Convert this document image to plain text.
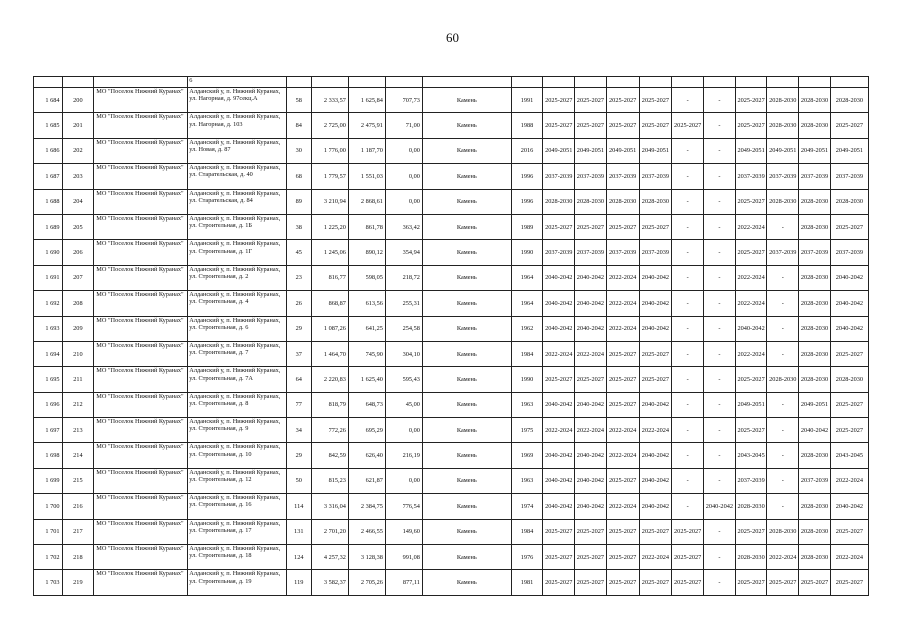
60
			6																
1 684	200	МО "Поселок Нижний Куранах"	Алданский у, п. Нижний Куранах, ул. Нагорная, д. 97секц.А	58	2 333,57	1 625,84	707,73	Камень	1991	2025-2027	2025-2027	2025-2027	2025-2027	-	-	2025-2027	2028-2030	2028-2030	2028-2030
1 685	201	МО "Поселок Нижний Куранах"	Алданский у, п. Нижний Куранах, ул. Нагорная, д. 103	84	2 725,00	2 475,91	71,00	Камень	1988	2025-2027	2025-2027	2025-2027	2025-2027	2025-2027	-	2025-2027	2028-2030	2028-2030	2025-2027
1 686	202	МО "Поселок Нижний Куранах"	Алданский у, п. Нижний Куранах, ул. Новая, д. 87	30	1 776,00	1 187,70	0,00	Камень	2016	2049-2051	2049-2051	2049-2051	2049-2051	-	-	2049-2051	2049-2051	2049-2051	2049-2051
1 687	203	МО "Поселок Нижний Куранах"	Алданский у, п. Нижний Куранах, ул. Старательская, д. 40	68	1 779,57	1 551,03	0,00	Камень	1996	2037-2039	2037-2039	2037-2039	2037-2039	-	-	2037-2039	2037-2039	2037-2039	2037-2039
1 688	204	МО "Поселок Нижний Куранах"	Алданский у, п. Нижний Куранах, ул. Старательская, д. 84	89	3 210,94	2 868,61	0,00	Камень	1996	2028-2030	2028-2030	2028-2030	2028-2030	-	-	2025-2027	2028-2030	2028-2030	2028-2030
1 689	205	МО "Поселок Нижний Куранах"	Алданский у, п. Нижний Куранах, ул. Строительная, д. 1Б	38	1 225,20	861,78	363,42	Камень	1989	2025-2027	2025-2027	2025-2027	2025-2027	-	-	2022-2024	-	2028-2030	2025-2027
1 690	206	МО "Поселок Нижний Куранах"	Алданский у, п. Нижний Куранах, ул. Строительная, д. 1Г	45	1 245,06	890,12	354,94	Камень	1990	2037-2039	2037-2039	2037-2039	2037-2039	-	-	2025-2027	2037-2039	2037-2039	2037-2039
1 691	207	МО "Поселок Нижний Куранах"	Алданский у, п. Нижний Куранах, ул. Строительная, д. 2	23	816,77	598,05	218,72	Камень	1964	2040-2042	2040-2042	2022-2024	2040-2042	-	-	2022-2024	-	2028-2030	2040-2042
1 692	208	МО "Поселок Нижний Куранах"	Алданский у, п. Нижний Куранах, ул. Строительная, д. 4	26	868,87	613,56	255,31	Камень	1964	2040-2042	2040-2042	2022-2024	2040-2042	-	-	2022-2024	-	2028-2030	2040-2042
1 693	209	МО "Поселок Нижний Куранах"	Алданский у, п. Нижний Куранах, ул. Строительная, д. 6	29	1 087,26	641,25	254,58	Камень	1962	2040-2042	2040-2042	2022-2024	2040-2042	-	-	2040-2042	-	2028-2030	2040-2042
1 694	210	МО "Поселок Нижний Куранах"	Алданский у, п. Нижний Куранах, ул. Строительная, д. 7	37	1 464,70	745,90	304,10	Камень	1984	2022-2024	2022-2024	2025-2027	2025-2027	-	-	2022-2024	-	2028-2030	2025-2027
1 695	211	МО "Поселок Нижний Куранах"	Алданский у, п. Нижний Куранах, ул. Строительная, д. 7А	64	2 220,83	1 625,40	595,43	Камень	1990	2025-2027	2025-2027	2025-2027	2025-2027	-	-	2025-2027	2028-2030	2028-2030	2028-2030
1 696	212	МО "Поселок Нижний Куранах"	Алданский у, п. Нижний Куранах, ул. Строительная, д. 8	77	818,79	648,73	45,00	Камень	1963	2040-2042	2040-2042	2025-2027	2040-2042	-	-	2049-2051	-	2049-2051	2025-2027
1 697	213	МО "Поселок Нижний Куранах"	Алданский у, п. Нижний Куранах, ул. Строительная, д. 9	34	772,26	695,29	0,00	Камень	1975	2022-2024	2022-2024	2022-2024	2022-2024	-	-	2025-2027	-	2040-2042	2025-2027
1 698	214	МО "Поселок Нижний Куранах"	Алданский у, п. Нижний Куранах, ул. Строительная, д. 10	29	842,59	626,40	216,19	Камень	1969	2040-2042	2040-2042	2022-2024	2040-2042	-	-	2043-2045	-	2028-2030	2043-2045
1 699	215	МО "Поселок Нижний Куранах"	Алданский у, п. Нижний Куранах, ул. Строительная, д. 12	50	815,23	621,87	0,00	Камень	1963	2040-2042	2040-2042	2025-2027	2040-2042	-	-	2037-2039	-	2037-2039	2022-2024
1 700	216	МО "Поселок Нижний Куранах"	Алданский у, п. Нижний Куранах, ул. Строительная, д. 16	114	3 316,04	2 384,75	776,54	Камень	1974	2040-2042	2040-2042	2022-2024	2040-2042	-	2040-2042	2028-2030	-	2028-2030	2040-2042
1 701	217	МО "Поселок Нижний Куранах"	Алданский у, п. Нижний Куранах, ул. Строительная, д. 17	131	2 701,20	2 466,55	149,60	Камень	1984	2025-2027	2025-2027	2025-2027	2025-2027	2025-2027	-	2025-2027	2028-2030	2028-2030	2025-2027
1 702	218	МО "Поселок Нижний Куранах"	Алданский у, п. Нижний Куранах, ул. Строительная, д. 18	124	4 257,32	3 128,38	991,08	Камень	1976	2025-2027	2025-2027	2025-2027	2022-2024	2025-2027	-	2028-2030	2022-2024	2028-2030	2022-2024
1 703	219	МО "Поселок Нижний Куранах"	Алданский у, п. Нижний Куранах, ул. Строительная, д. 19	119	3 582,37	2 705,26	877,11	Камень	1981	2025-2027	2025-2027	2025-2027	2025-2027	2025-2027	-	2025-2027	2025-2027	2025-2027	2025-2027
